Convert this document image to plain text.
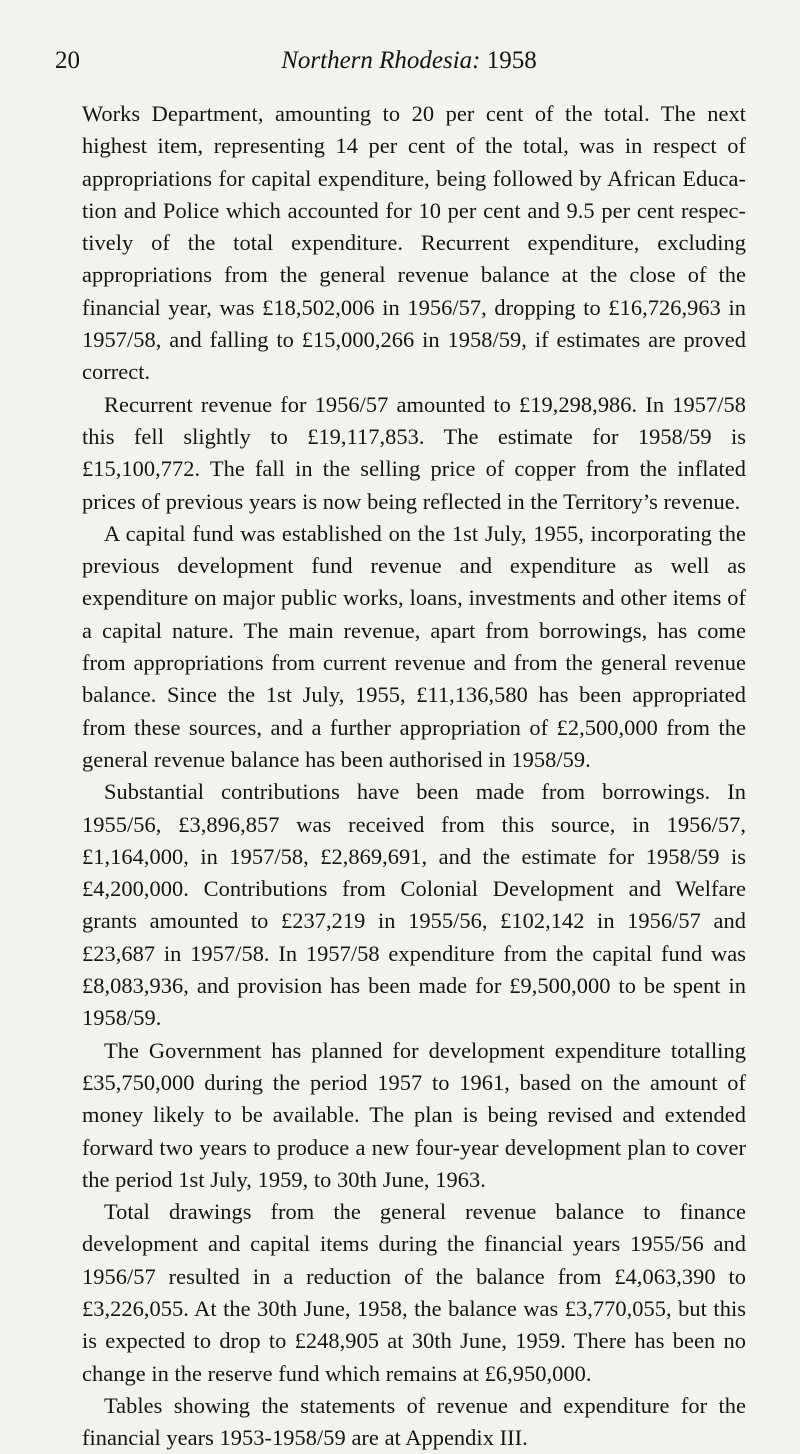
20	Northern Rhodesia: 1958

Works Department, amounting to 20 per cent of the total. The next highest item, representing 14 per cent of the total, was in respect of appropriations for capital expenditure, being followed by African Education and Police which accounted for 10 per cent and 9.5 per cent respectively of the total expenditure. Recurrent expenditure, excluding appropriations from the general revenue balance at the close of the financial year, was £18,502,006 in 1956/57, dropping to £16,726,963 in 1957/58, and falling to £15,000,266 in 1958/59, if estimates are proved correct.

Recurrent revenue for 1956/57 amounted to £19,298,986. In 1957/58 this fell slightly to £19,117,853. The estimate for 1958/59 is £15,100,772. The fall in the selling price of copper from the inflated prices of previous years is now being reflected in the Territory’s revenue.

A capital fund was established on the 1st July, 1955, incorporating the previous development fund revenue and expenditure as well as expenditure on major public works, loans, investments and other items of a capital nature. The main revenue, apart from borrowings, has come from appropriations from current revenue and from the general revenue balance. Since the 1st July, 1955, £11,136,580 has been appropriated from these sources, and a further appropriation of £2,500,000 from the general revenue balance has been authorised in 1958/59.

Substantial contributions have been made from borrowings. In 1955/56, £3,896,857 was received from this source, in 1956/57, £1,164,000, in 1957/58, £2,869,691, and the estimate for 1958/59 is £4,200,000. Contributions from Colonial Development and Welfare grants amounted to £237,219 in 1955/56, £102,142 in 1956/57 and £23,687 in 1957/58. In 1957/58 expenditure from the capital fund was £8,083,936, and provision has been made for £9,500,000 to be spent in 1958/59.

The Government has planned for development expenditure totalling £35,750,000 during the period 1957 to 1961, based on the amount of money likely to be available. The plan is being revised and extended forward two years to produce a new four-year development plan to cover the period 1st July, 1959, to 30th June, 1963.

Total drawings from the general revenue balance to finance development and capital items during the financial years 1955/56 and 1956/57 resulted in a reduction of the balance from £4,063,390 to £3,226,055. At the 30th June, 1958, the balance was £3,770,055, but this is expected to drop to £248,905 at 30th June, 1959. There has been no change in the reserve fund which remains at £6,950,000.

Tables showing the statements of revenue and expenditure for the financial years 1953-1958/59 are at Appendix III.
